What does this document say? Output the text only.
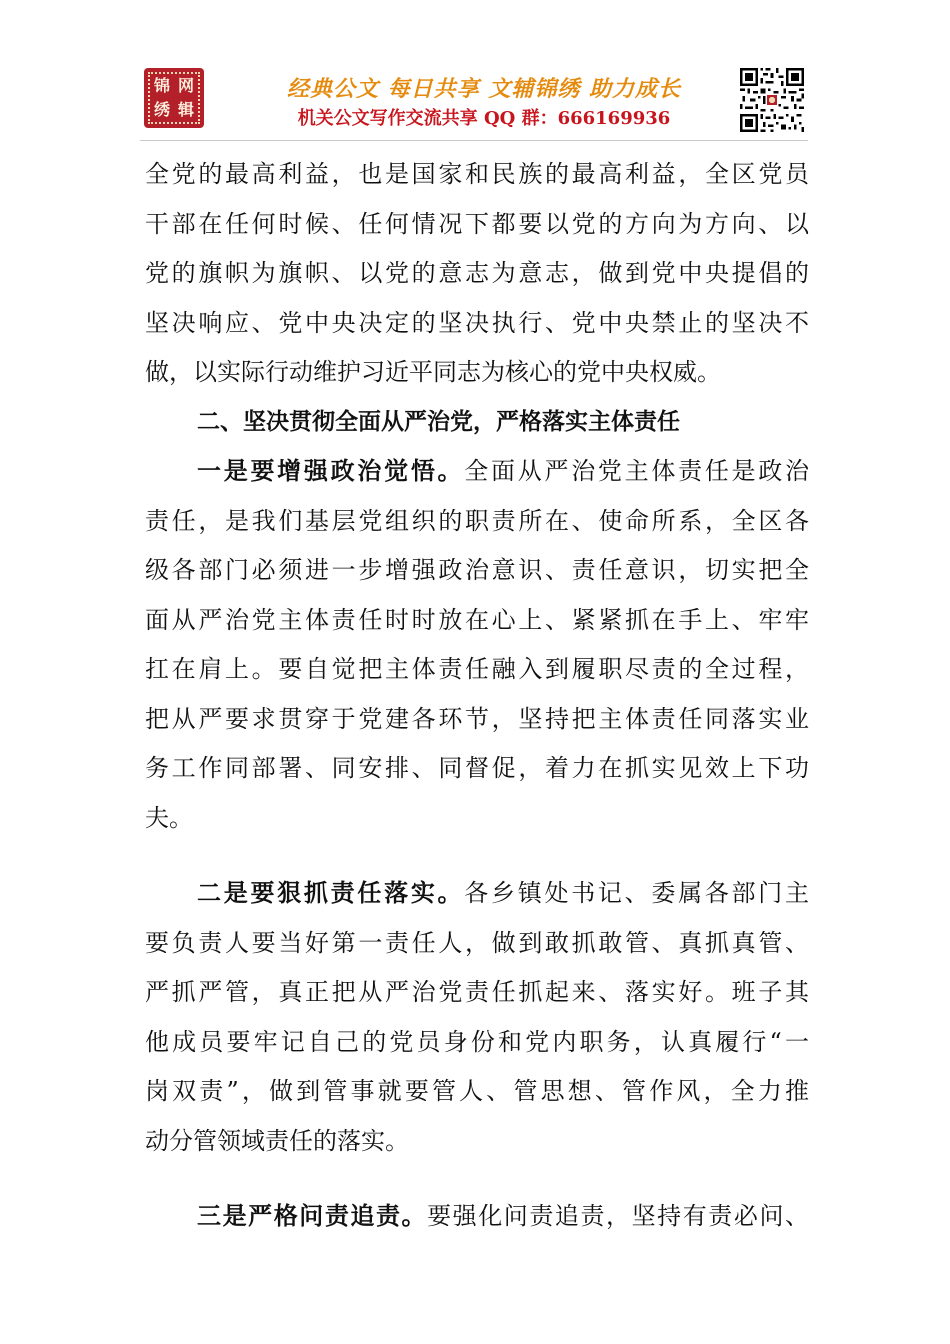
锦 网
绣 辑
经典公文 每日共享 文辅锦绣 助力成长
机关公文写作交流共享 QQ 群：666169936
全党的最高利益，也是国家和民族的最高利益，全区党员
干部在任何时候、任何情况下都要以党的方向为方向、以
党的旗帜为旗帜、以党的意志为意志，做到党中央提倡的
坚决响应、党中央决定的坚决执行、党中央禁止的坚决不
做，以实际行动维护习近平同志为核心的党中央权威。
二、坚决贯彻全面从严治党，严格落实主体责任
一是要增强政治觉悟。全面从严治党主体责任是政治
责任，是我们基层党组织的职责所在、使命所系，全区各
级各部门必须进一步增强政治意识、责任意识，切实把全
面从严治党主体责任时时放在心上、紧紧抓在手上、牢牢
扛在肩上。要自觉把主体责任融入到履职尽责的全过程，
把从严要求贯穿于党建各环节，坚持把主体责任同落实业
务工作同部署、同安排、同督促，着力在抓实见效上下功
夫。
二是要狠抓责任落实。各乡镇处书记、委属各部门主
要负责人要当好第一责任人，做到敢抓敢管、真抓真管、
严抓严管，真正把从严治党责任抓起来、落实好。班子其
他成员要牢记自己的党员身份和党内职务，认真履行“一
岗双责”，做到管事就要管人、管思想、管作风，全力推
动分管领域责任的落实。
三是严格问责追责。要强化问责追责，坚持有责必问、
